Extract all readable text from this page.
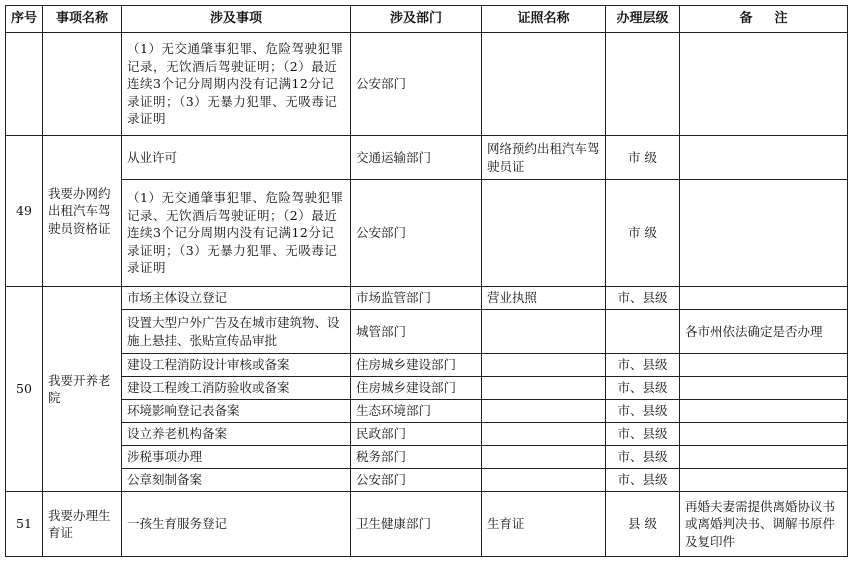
序号	事项名称	涉及事项	涉及部门	证照名称	办理层级	备注
		（1）无交通肇事犯罪、危险驾驶犯罪记录，无饮酒后驾驶证明；（2）最近连续3个记分周期内没有记满12分记录证明；（3）无暴力犯罪、无吸毒记录证明	公安部门			
49	我要办网约出租汽车驾驶员资格证	从业许可	交通运输部门	网络预约出租汽车驾驶员证	市 级	
		（1）无交通肇事犯罪、危险驾驶犯罪记录、无饮酒后驾驶证明；（2）最近连续3个记分周期内没有记满12分记录证明；（3）无暴力犯罪、无吸毒记录证明	公安部门		市 级	
50	我要开养老院	市场主体设立登记	市场监管部门	营业执照	市、县级	
		设置大型户外广告及在城市建筑物、设施上悬挂、张贴宣传品审批	城管部门			各市州依法确定是否办理
		建设工程消防设计审核或备案	住房城乡建设部门		市、县级	
		建设工程竣工消防验收或备案	住房城乡建设部门		市、县级	
		环境影响登记表备案	生态环境部门		市、县级	
		设立养老机构备案	民政部门		市、县级	
		涉税事项办理	税务部门		市、县级	
		公章刻制备案	公安部门		市、县级	
51	我要办理生育证	一孩生育服务登记	卫生健康部门	生育证	县 级	再婚夫妻需提供离婚协议书或离婚判决书、调解书原件及复印件
